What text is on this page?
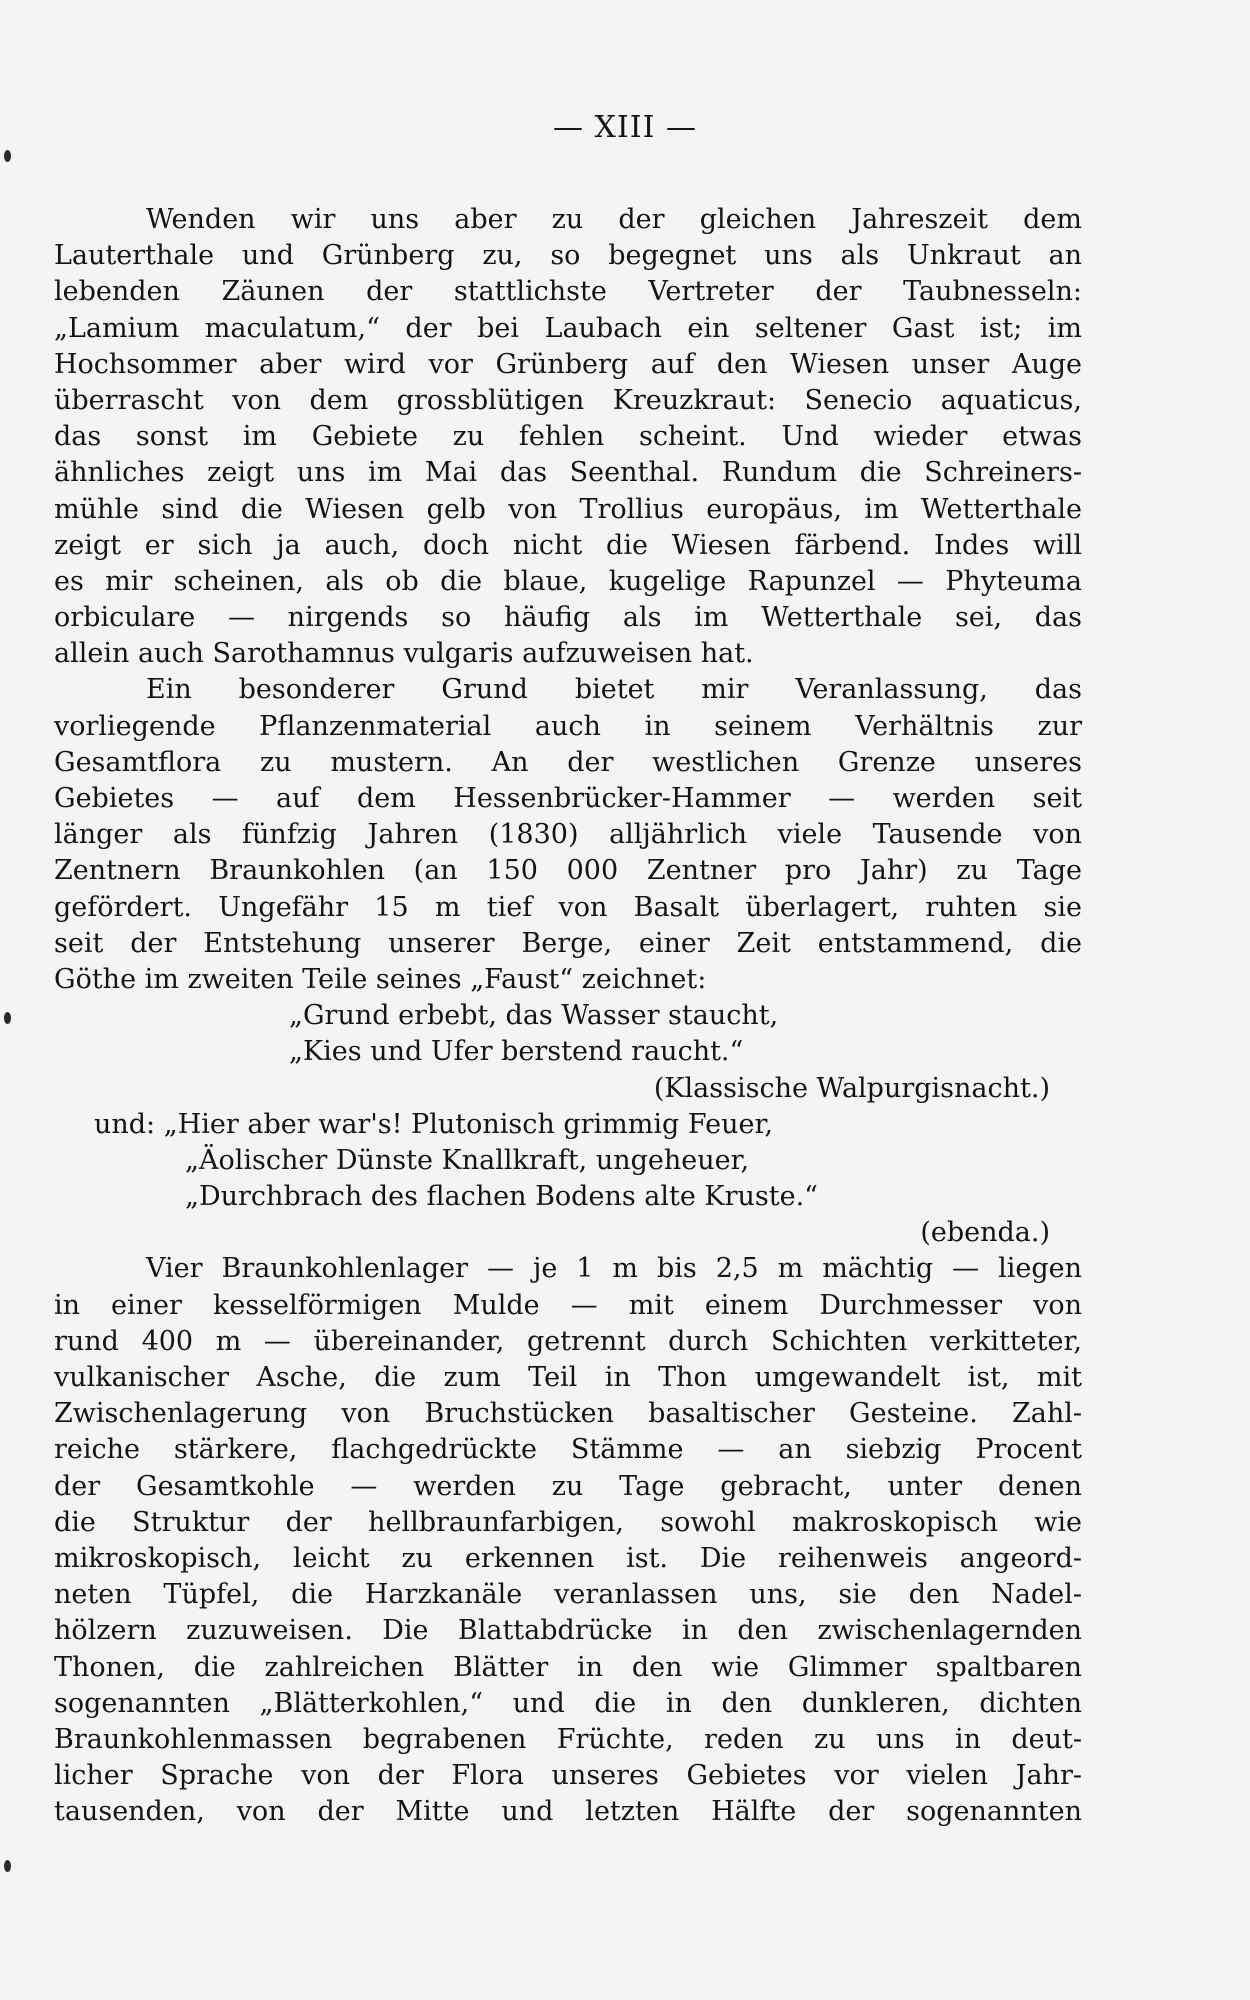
— XIII —
Wenden wir uns aber zu der gleichen Jahreszeit dem
Lauterthale und Grünberg zu, so begegnet uns als Unkraut an
lebenden Zäunen der stattlichste Vertreter der Taubnesseln:
„Lamium maculatum,“ der bei Laubach ein seltener Gast ist; im
Hochsommer aber wird vor Grünberg auf den Wiesen unser Auge
überrascht von dem grossblütigen Kreuzkraut: Senecio aquaticus,
das sonst im Gebiete zu fehlen scheint. Und wieder etwas
ähnliches zeigt uns im Mai das Seenthal. Rundum die Schreiners-
mühle sind die Wiesen gelb von Trollius europäus, im Wetterthale
zeigt er sich ja auch, doch nicht die Wiesen färbend. Indes will
es mir scheinen, als ob die blaue, kugelige Rapunzel — Phyteuma
orbiculare — nirgends so häufig als im Wetterthale sei, das
allein auch Sarothamnus vulgaris aufzuweisen hat.
Ein besonderer Grund bietet mir Veranlassung, das
vorliegende Pflanzenmaterial auch in seinem Verhältnis zur
Gesamtflora zu mustern. An der westlichen Grenze unseres
Gebietes — auf dem Hessenbrücker-Hammer — werden seit
länger als fünfzig Jahren (1830) alljährlich viele Tausende von
Zentnern Braunkohlen (an 150 000 Zentner pro Jahr) zu Tage
gefördert. Ungefähr 15 m tief von Basalt überlagert, ruhten sie
seit der Entstehung unserer Berge, einer Zeit entstammend, die
Göthe im zweiten Teile seines „Faust“ zeichnet:
„Grund erbebt, das Wasser staucht,
„Kies und Ufer berstend raucht.“
(Klassische Walpurgisnacht.)
und: „Hier aber war's! Plutonisch grimmig Feuer,
„Äolischer Dünste Knallkraft, ungeheuer,
„Durchbrach des flachen Bodens alte Kruste.“
(ebenda.)
Vier Braunkohlenlager — je 1 m bis 2,5 m mächtig — liegen
in einer kesselförmigen Mulde — mit einem Durchmesser von
rund 400 m — übereinander, getrennt durch Schichten verkitteter,
vulkanischer Asche, die zum Teil in Thon umgewandelt ist, mit
Zwischenlagerung von Bruchstücken basaltischer Gesteine. Zahl-
reiche stärkere, flachgedrückte Stämme — an siebzig Procent
der Gesamtkohle — werden zu Tage gebracht, unter denen
die Struktur der hellbraunfarbigen, sowohl makroskopisch wie
mikroskopisch, leicht zu erkennen ist. Die reihenweis angeord-
neten Tüpfel, die Harzkanäle veranlassen uns, sie den Nadel-
hölzern zuzuweisen. Die Blattabdrücke in den zwischenlagernden
Thonen, die zahlreichen Blätter in den wie Glimmer spaltbaren
sogenannten „Blätterkohlen,“ und die in den dunkleren, dichten
Braunkohlenmassen begrabenen Früchte, reden zu uns in deut-
licher Sprache von der Flora unseres Gebietes vor vielen Jahr-
tausenden, von der Mitte und letzten Hälfte der sogenannten
